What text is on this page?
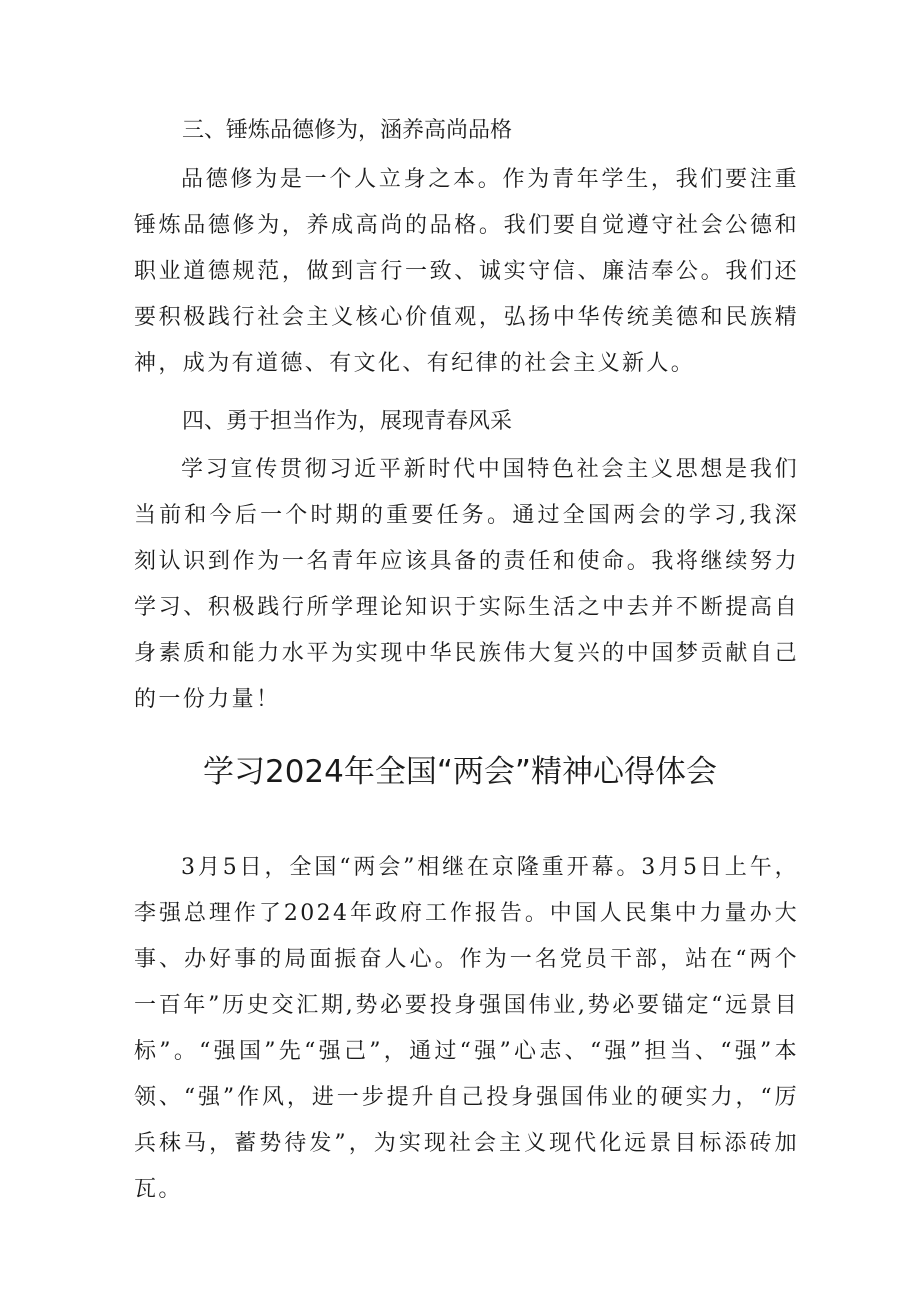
三、锤炼品德修为，涵养高尚品格

品德修为是一个人立身之本。作为青年学生，我们要注重锤炼品德修为，养成高尚的品格。我们要自觉遵守社会公德和职业道德规范，做到言行一致、诚实守信、廉洁奉公。我们还要积极践行社会主义核心价值观，弘扬中华传统美德和民族精神，成为有道德、有文化、有纪律的社会主义新人。

四、勇于担当作为，展现青春风采

学习宣传贯彻习近平新时代中国特色社会主义思想是我们当前和今后一个时期的重要任务。通过全国两会的学习,我深刻认识到作为一名青年应该具备的责任和使命。我将继续努力学习、积极践行所学理论知识于实际生活之中去并不断提高自身素质和能力水平为实现中华民族伟大复兴的中国梦贡献自己的一份力量！

学习2024年全国“两会”精神心得体会

3月5日，全国“两会”相继在京隆重开幕。3月5日上午，李强总理作了2024年政府工作报告。中国人民集中力量办大事、办好事的局面振奋人心。作为一名党员干部，站在“两个一百年”历史交汇期,势必要投身强国伟业,势必要锚定“远景目标”。“强国”先“强己”，通过“强”心志、“强”担当、“强”本领、“强”作风，进一步提升自己投身强国伟业的硬实力，“厉兵秣马，蓄势待发”，为实现社会主义现代化远景目标添砖加瓦。
